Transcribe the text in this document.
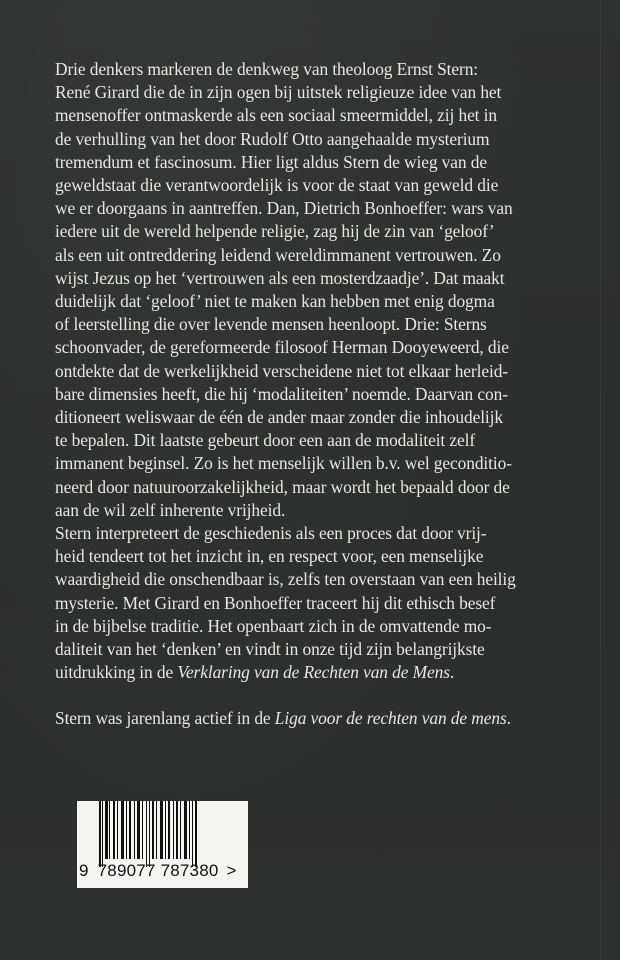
Drie denkers markeren de denkweg van theoloog Ernst Stern:
René Girard die de in zijn ogen bij uitstek religieuze idee van het
mensenoffer ontmaskerde als een sociaal smeermiddel, zij het in
de verhulling van het door Rudolf Otto aangehaalde mysterium
tremendum et fascinosum. Hier ligt aldus Stern de wieg van de
geweldstaat die verantwoordelijk is voor de staat van geweld die
we er doorgaans in aantreffen. Dan, Dietrich Bonhoeffer: wars van
iedere uit de wereld helpende religie, zag hij de zin van ‘geloof’
als een uit ontreddering leidend wereldimmanent vertrouwen. Zo
wijst Jezus op het ‘vertrouwen als een mosterdzaadje’. Dat maakt
duidelijk dat ‘geloof’ niet te maken kan hebben met enig dogma
of leerstelling die over levende mensen heenloopt. Drie: Sterns
schoonvader, de gereformeerde filosoof Herman Dooyeweerd, die
ontdekte dat de werkelijkheid verscheidene niet tot elkaar herleid-
bare dimensies heeft, die hij ‘modaliteiten’ noemde. Daarvan con-
ditioneert weliswaar de één de ander maar zonder die inhoudelijk
te bepalen. Dit laatste gebeurt door een aan de modaliteit zelf
immanent beginsel. Zo is het menselijk willen b.v. wel geconditio-
neerd door natuuroorzakelijkheid, maar wordt het bepaald door de
aan de wil zelf inherente vrijheid.
Stern interpreteert de geschiedenis als een proces dat door vrij-
heid tendeert tot het inzicht in, en respect voor, een menselijke
waardigheid die onschendbaar is, zelfs ten overstaan van een heilig
mysterie. Met Girard en Bonhoeffer traceert hij dit ethisch besef
in de bijbelse traditie. Het openbaart zich in de omvattende mo-
daliteit van het ‘denken’ en vindt in onze tijd zijn belangrijkste
uitdrukking in de Verklaring van de Rechten van de Mens.
Stern was jarenlang actief in de Liga voor de rechten van de mens.
9 789077 787380 >
